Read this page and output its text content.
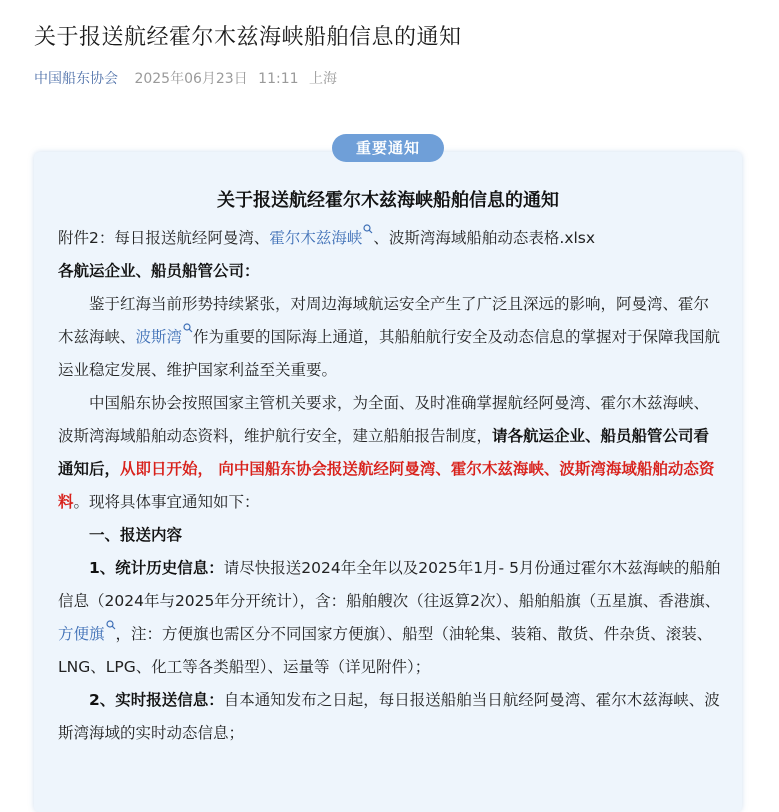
关于报送航经霍尔木兹海峡船舶信息的通知
中国船东协会 2025年06月23日 11:11 上海
重要通知
关于报送航经霍尔木兹海峡船舶信息的通知

附件2：每日报送航经阿曼湾、霍尔木兹海峡 、波斯湾海域船舶动态表格.xlsx

各航运企业、船员船管公司：

鉴于红海当前形势持续紧张，对周边海域航运安全产生了广泛且深远的影响，阿曼湾、霍尔木兹海峡、波斯湾 作为重要的国际海上通道，其船舶航行安全及动态信息的掌握对于保障我国航运业稳定发展、维护国家利益至关重要。

中国船东协会按照国家主管机关要求，为全面、及时准确掌握航经阿曼湾、霍尔木兹海峡、波斯湾海域船舶动态资料，维护航行安全，建立船舶报告制度，请各航运企业、船员船管公司看通知后，从即日开始， 向中国船东协会报送航经阿曼湾、霍尔木兹海峡、波斯湾海域船舶动态资料。现将具体事宜通知如下：

一、报送内容

1、统计历史信息：请尽快报送2024年全年以及2025年1月- 5月份通过霍尔木兹海峡的船舶信息（2024年与2025年分开统计），含：船舶艘次（往返算2次）、船舶船旗（五星旗、香港旗、方便旗 ，注：方便旗也需区分不同国家方便旗）、船型（油轮集、装箱、散货、件杂货、滚装、LNG、LPG、化工等各类船型）、运量等（详见附件）；

2、实时报送信息：自本通知发布之日起，每日报送船舶当日航经阿曼湾、霍尔木兹海峡、波斯湾海域的实时动态信息；
